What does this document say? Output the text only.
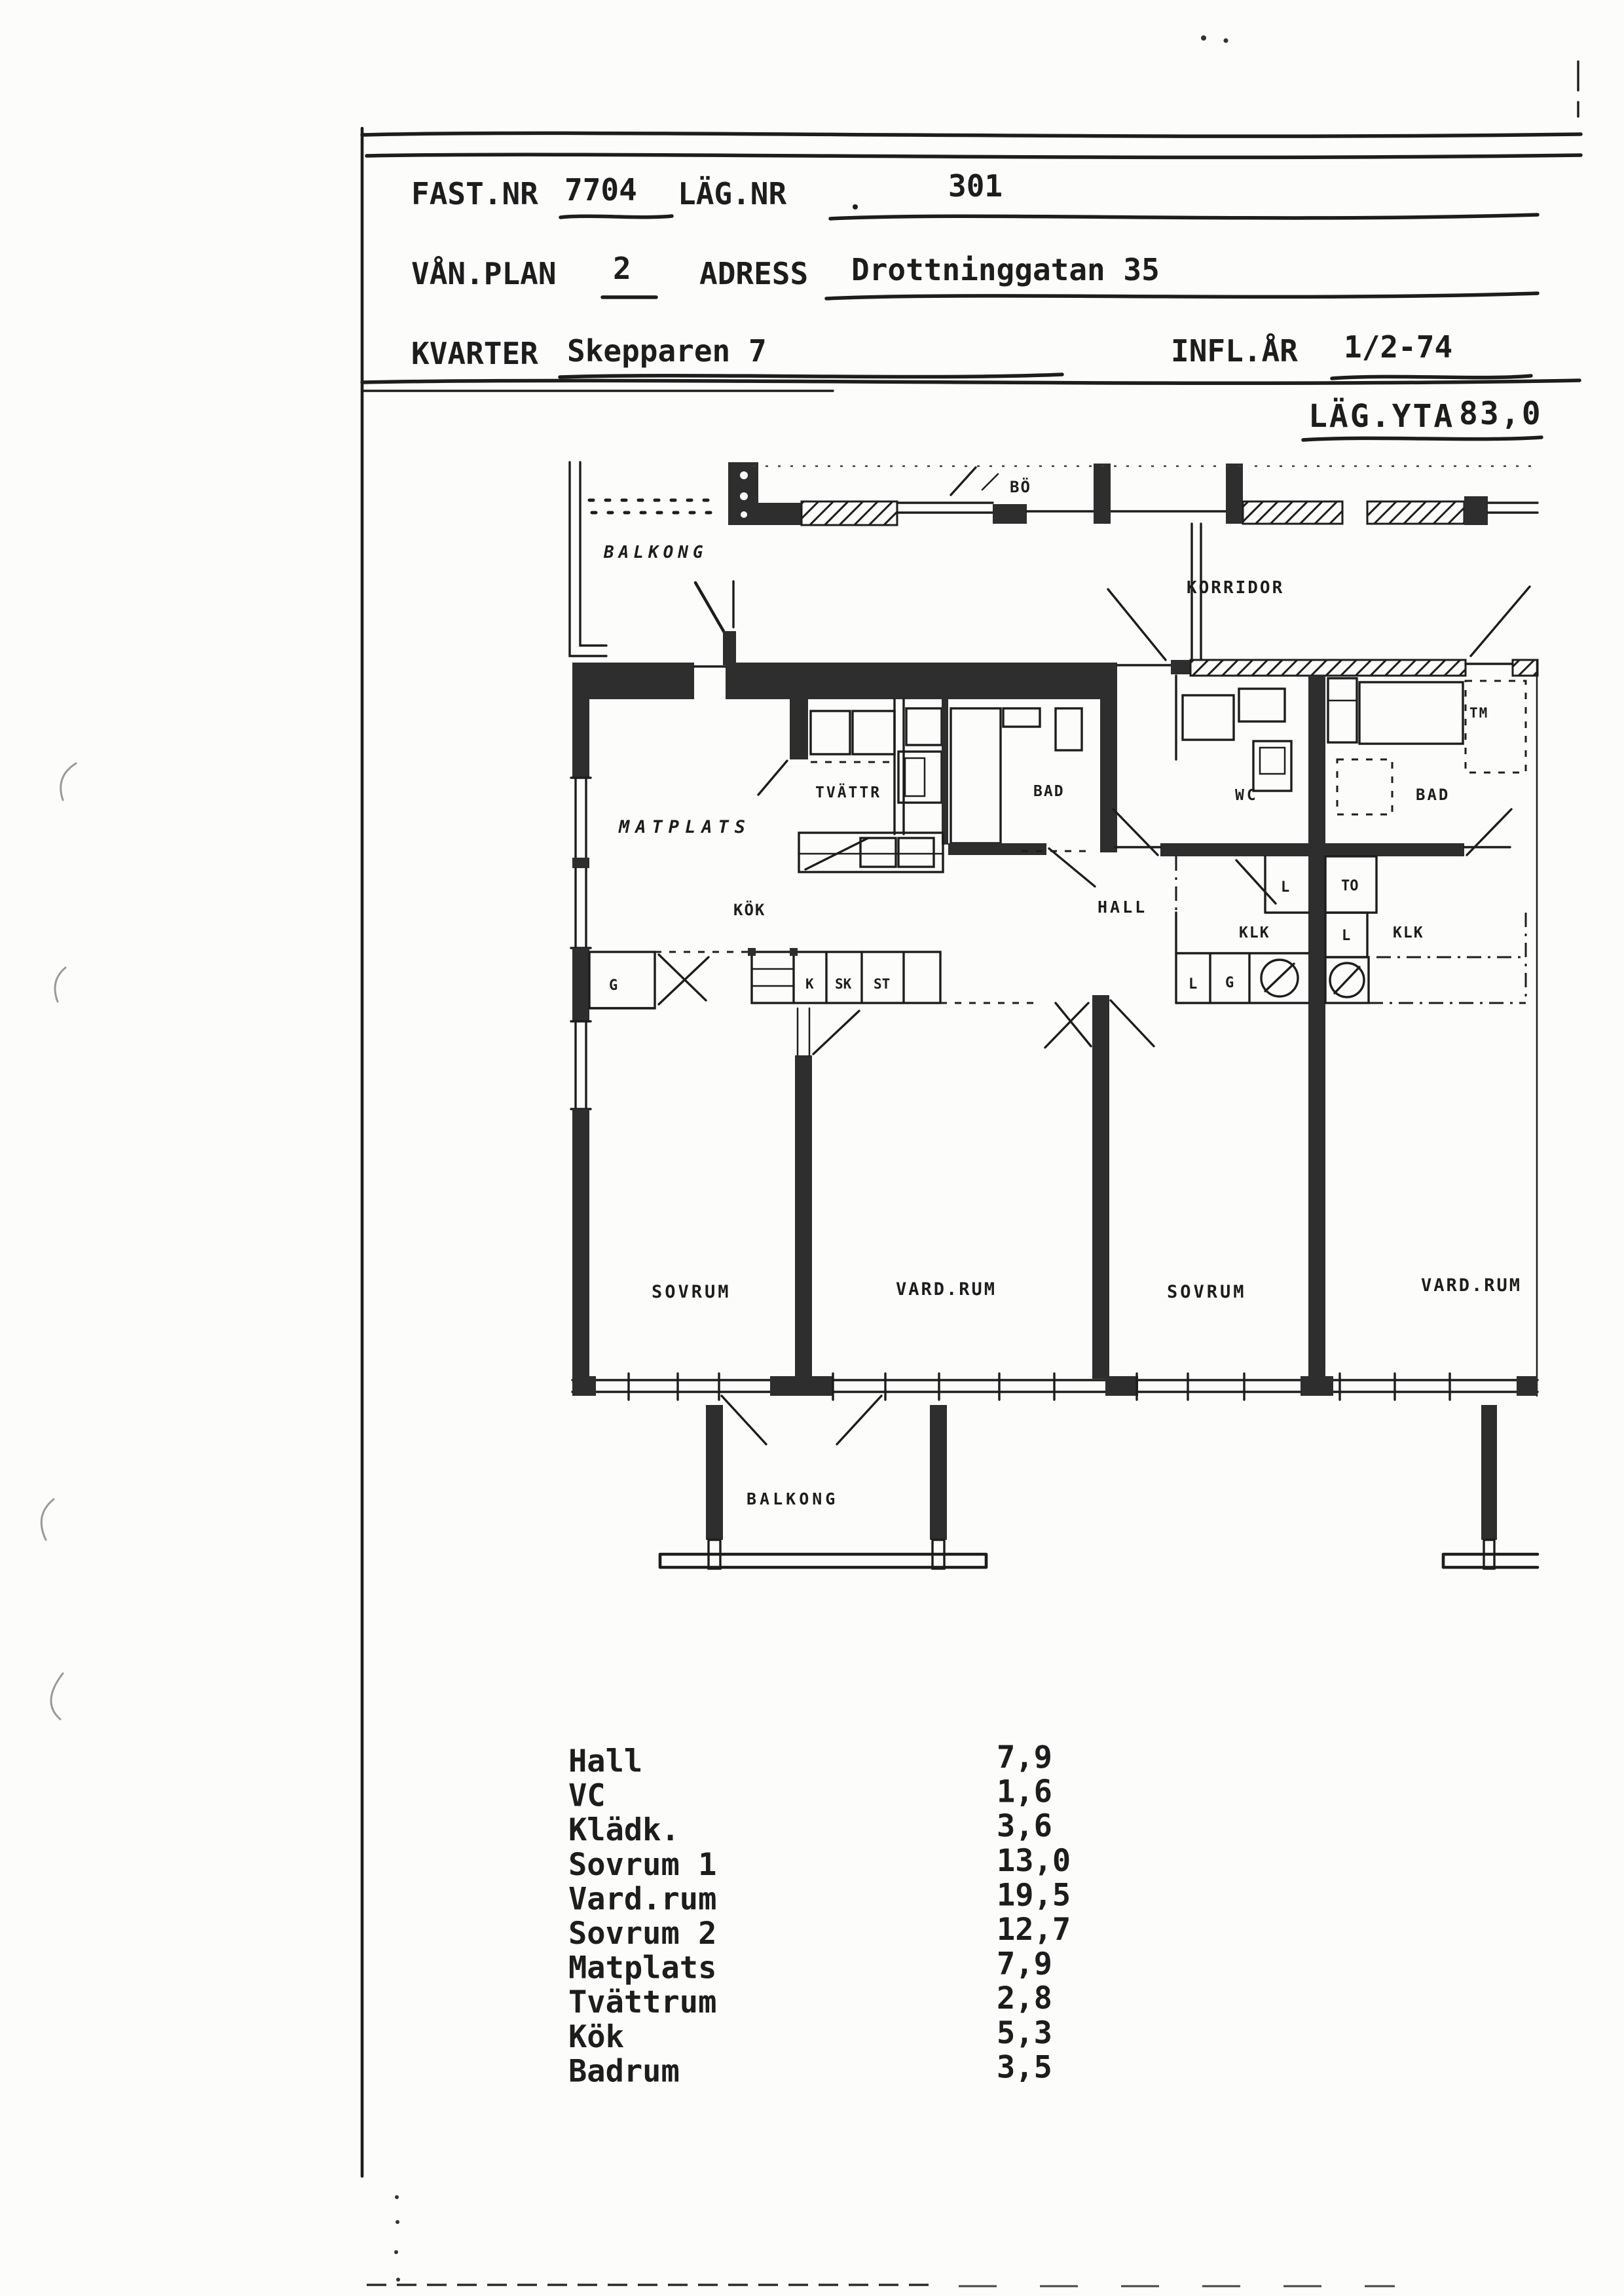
FAST.NR 7704 LÄG.NR	301
VÅN.PLAN 2 ADRESS Drottninggatan 35
KVARTER Skepparen 7	INFL.ÅR 1/2-74
LÄG.YTA 83,0
BALKONG
BÖ
KORRIDOR
MATPLATS
TVÄTTR	BAD	WC
TM
BAD
KÖK	HALL
KLK
L	TO
L G
L	KLK
G	K SK ST
SOVRUM	VARD.RUM	SOVRUM	VARD.RUM
BALKONG
Hall	7,9
VC	1,6
Klädk.	3,6
Sovrum 1	13,0
Vard.rum	19,5
Sovrum 2	12,7
Matplats	7,9
Tvättrum	2,8
Kök	5,3
Badrum	3,5
